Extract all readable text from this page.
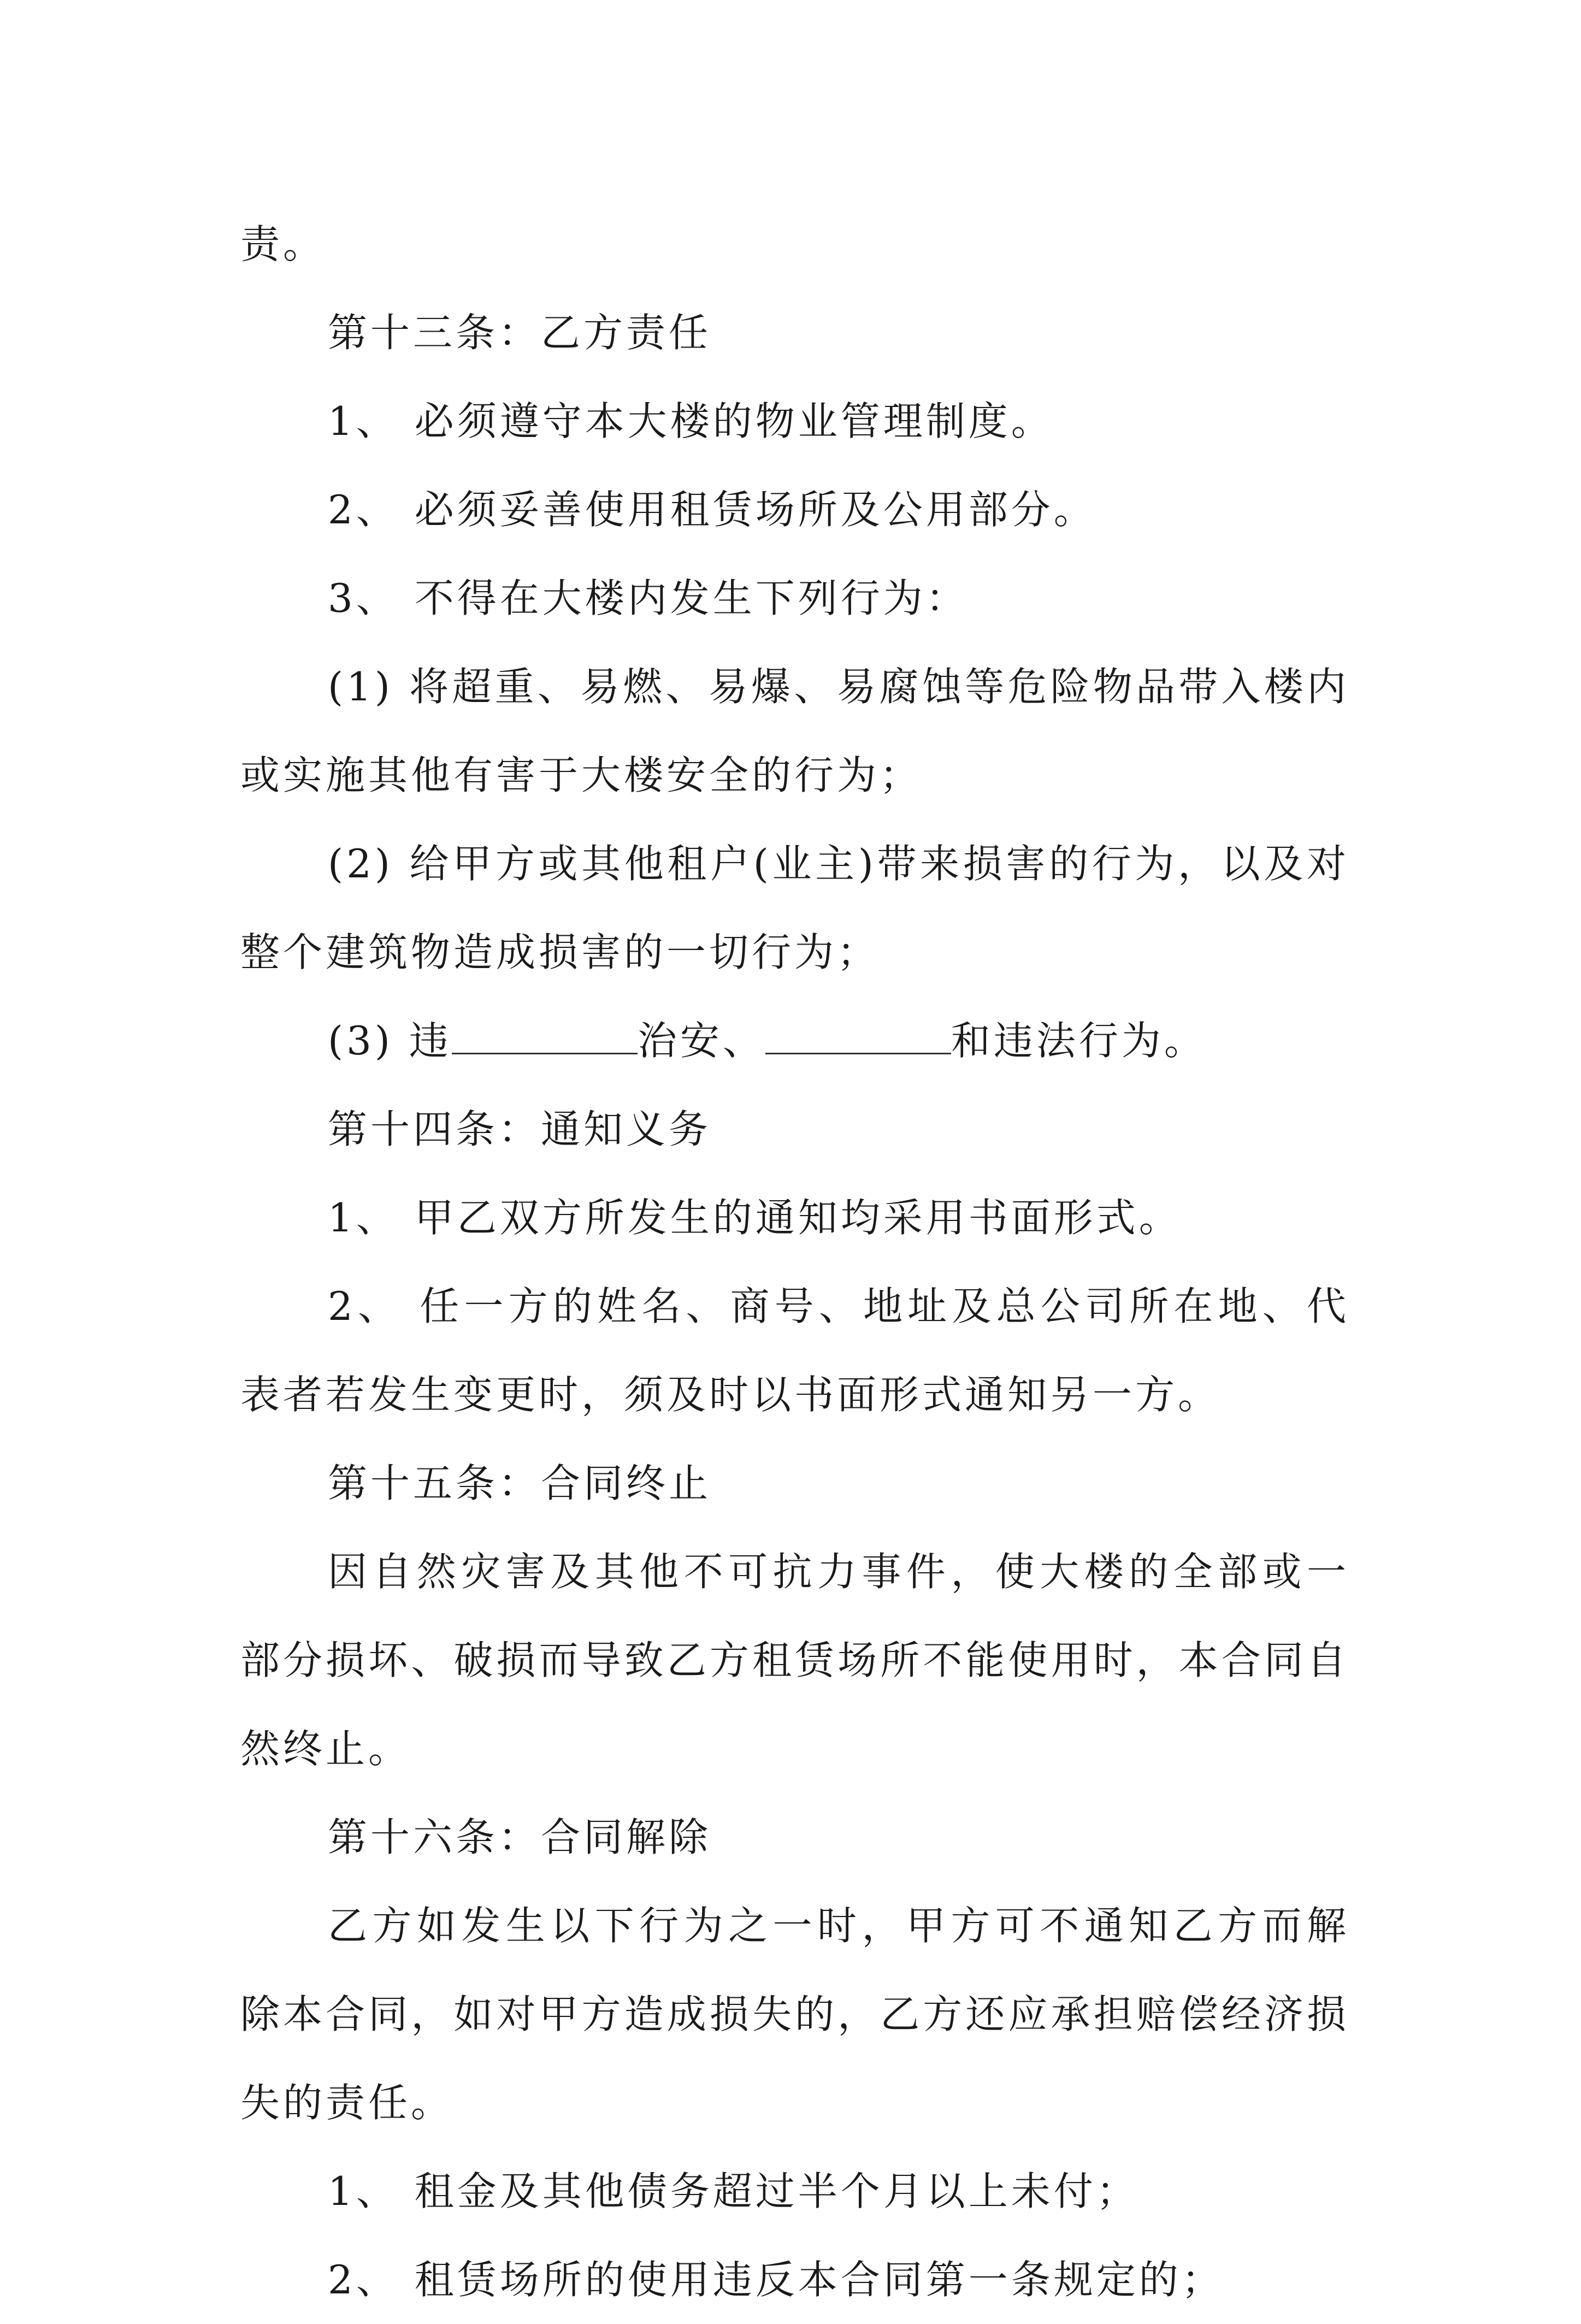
责。

第十三条：乙方责任

1、 必须遵守本大楼的物业管理制度。

2、 必须妥善使用租赁场所及公用部分。

3、 不得在大楼内发生下列行为：

(1) 将超重、易燃、易爆、易腐蚀等危险物品带入楼内或实施其他有害于大楼安全的行为；

(2) 给甲方或其他租户(业主)带来损害的行为，以及对整个建筑物造成损害的一切行为；

(3) 违	治安、	和违法行为。

第十四条：通知义务

1、 甲乙双方所发生的通知均采用书面形式。

2、 任一方的姓名、商号、地址及总公司所在地、代表者若发生变更时，须及时以书面形式通知另一方。

第十五条：合同终止

因自然灾害及其他不可抗力事件，使大楼的全部或一部分损坏、破损而导致乙方租赁场所不能使用时，本合同自然终止。

第十六条：合同解除

乙方如发生以下行为之一时，甲方可不通知乙方而解除本合同，如对甲方造成损失的，乙方还应承担赔偿经济损失的责任。

1、 租金及其他债务超过半个月以上未付；

2、 租赁场所的使用违反本合同第一条规定的；
